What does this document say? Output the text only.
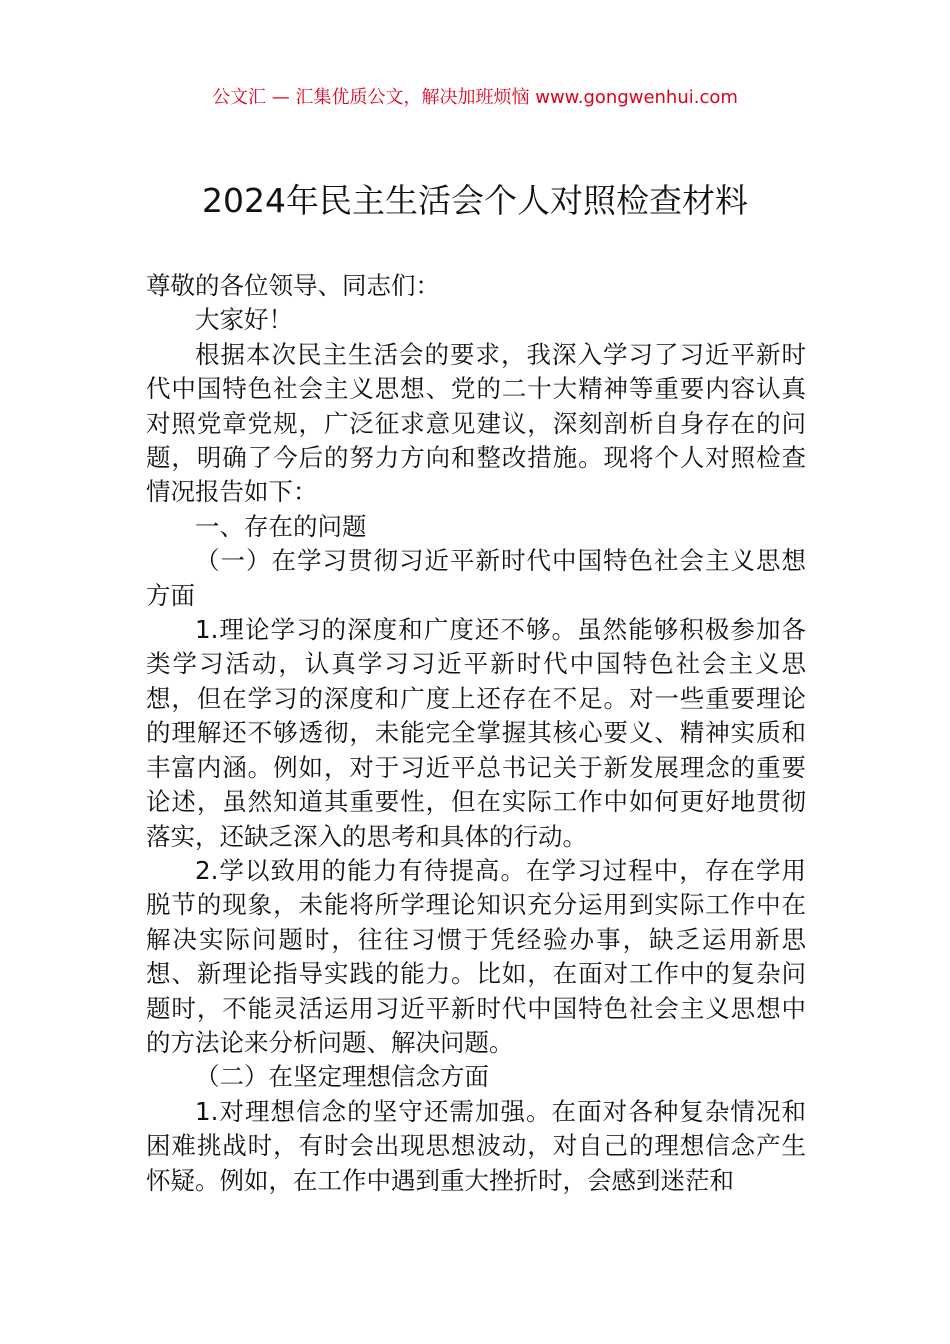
公文汇 — 汇集优质公文，解决加班烦恼 www.gongwenhui.com
2024年民主生活会个人对照检查材料

尊敬的各位领导、同志们：

大家好！

根据本次民主生活会的要求，我深入学习了习近平新时代中国特色社会主义思想、党的二十大精神等重要内容认真对照党章党规，广泛征求意见建议，深刻剖析自身存在的问题，明确了今后的努力方向和整改措施。现将个人对照检查情况报告如下：

一、存在的问题

（一）在学习贯彻习近平新时代中国特色社会主义思想方面

1.理论学习的深度和广度还不够。虽然能够积极参加各类学习活动，认真学习习近平新时代中国特色社会主义思想，但在学习的深度和广度上还存在不足。对一些重要理论的理解还不够透彻，未能完全掌握其核心要义、精神实质和丰富内涵。例如，对于习近平总书记关于新发展理念的重要论述，虽然知道其重要性，但在实际工作中如何更好地贯彻落实，还缺乏深入的思考和具体的行动。

2.学以致用的能力有待提高。在学习过程中，存在学用脱节的现象，未能将所学理论知识充分运用到实际工作中在解决实际问题时，往往习惯于凭经验办事，缺乏运用新思想、新理论指导实践的能力。比如，在面对工作中的复杂问题时，不能灵活运用习近平新时代中国特色社会主义思想中的方法论来分析问题、解决问题。

（二）在坚定理想信念方面

1.对理想信念的坚守还需加强。在面对各种复杂情况和困难挑战时，有时会出现思想波动，对自己的理想信念产生怀疑。例如，在工作中遇到重大挫折时，会感到迷茫和
